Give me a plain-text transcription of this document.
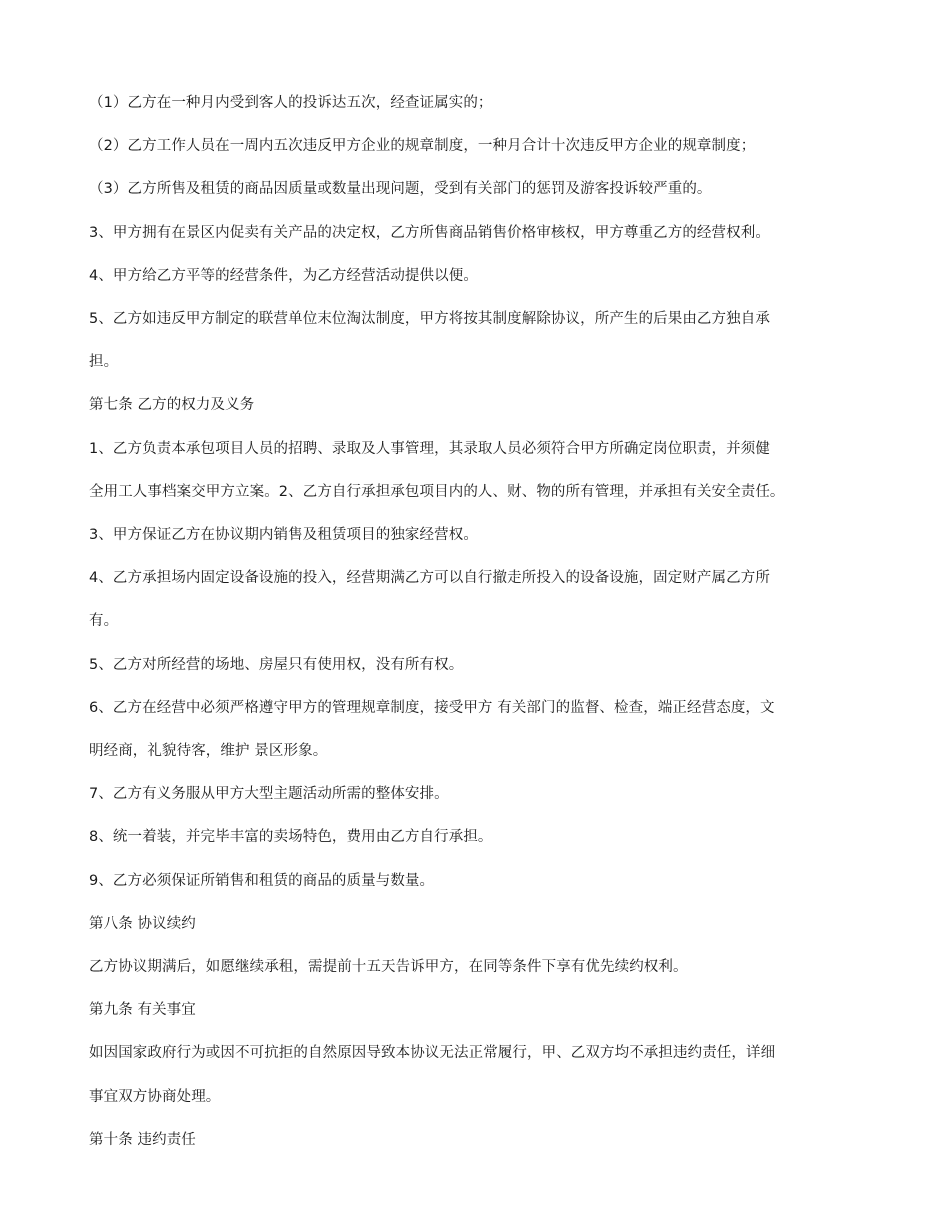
（1）乙方在一种月内受到客人的投诉达五次，经查证属实的；

（2）乙方工作人员在一周内五次违反甲方企业的规章制度，一种月合计十次违反甲方企业的规章制度；

（3）乙方所售及租赁的商品因质量或数量出现问题，受到有关部门的惩罚及游客投诉较严重的。

3、甲方拥有在景区内促卖有关产品的决定权，乙方所售商品销售价格审核权，甲方尊重乙方的经营权利。

4、甲方给乙方平等的经营条件，为乙方经营活动提供以便。

5、乙方如违反甲方制定的联营单位末位淘汰制度，甲方将按其制度解除协议，所产生的后果由乙方独自承

担。

第七条 乙方的权力及义务

1、乙方负责本承包项目人员的招聘、录取及人事管理，其录取人员必须符合甲方所确定岗位职责，并须健

全用工人事档案交甲方立案。2、乙方自行承担承包项目内的人、财、物的所有管理，并承担有关安全责任。

3、甲方保证乙方在协议期内销售及租赁项目的独家经营权。

4、乙方承担场内固定设备设施的投入，经营期满乙方可以自行撤走所投入的设备设施，固定财产属乙方所

有。

5、乙方对所经营的场地、房屋只有使用权，没有所有权。

6、乙方在经营中必须严格遵守甲方的管理规章制度，接受甲方 有关部门的监督、检查，端正经营态度，文

明经商，礼貌待客，维护 景区形象。

7、乙方有义务服从甲方大型主题活动所需的整体安排。

8、统一着装，并完毕丰富的卖场特色，费用由乙方自行承担。

9、乙方必须保证所销售和租赁的商品的质量与数量。

第八条 协议续约

乙方协议期满后，如愿继续承租，需提前十五天告诉甲方，在同等条件下享有优先续约权利。

第九条 有关事宜

如因国家政府行为或因不可抗拒的自然原因导致本协议无法正常履行，甲、乙双方均不承担违约责任，详细

事宜双方协商处理。

第十条 违约责任
